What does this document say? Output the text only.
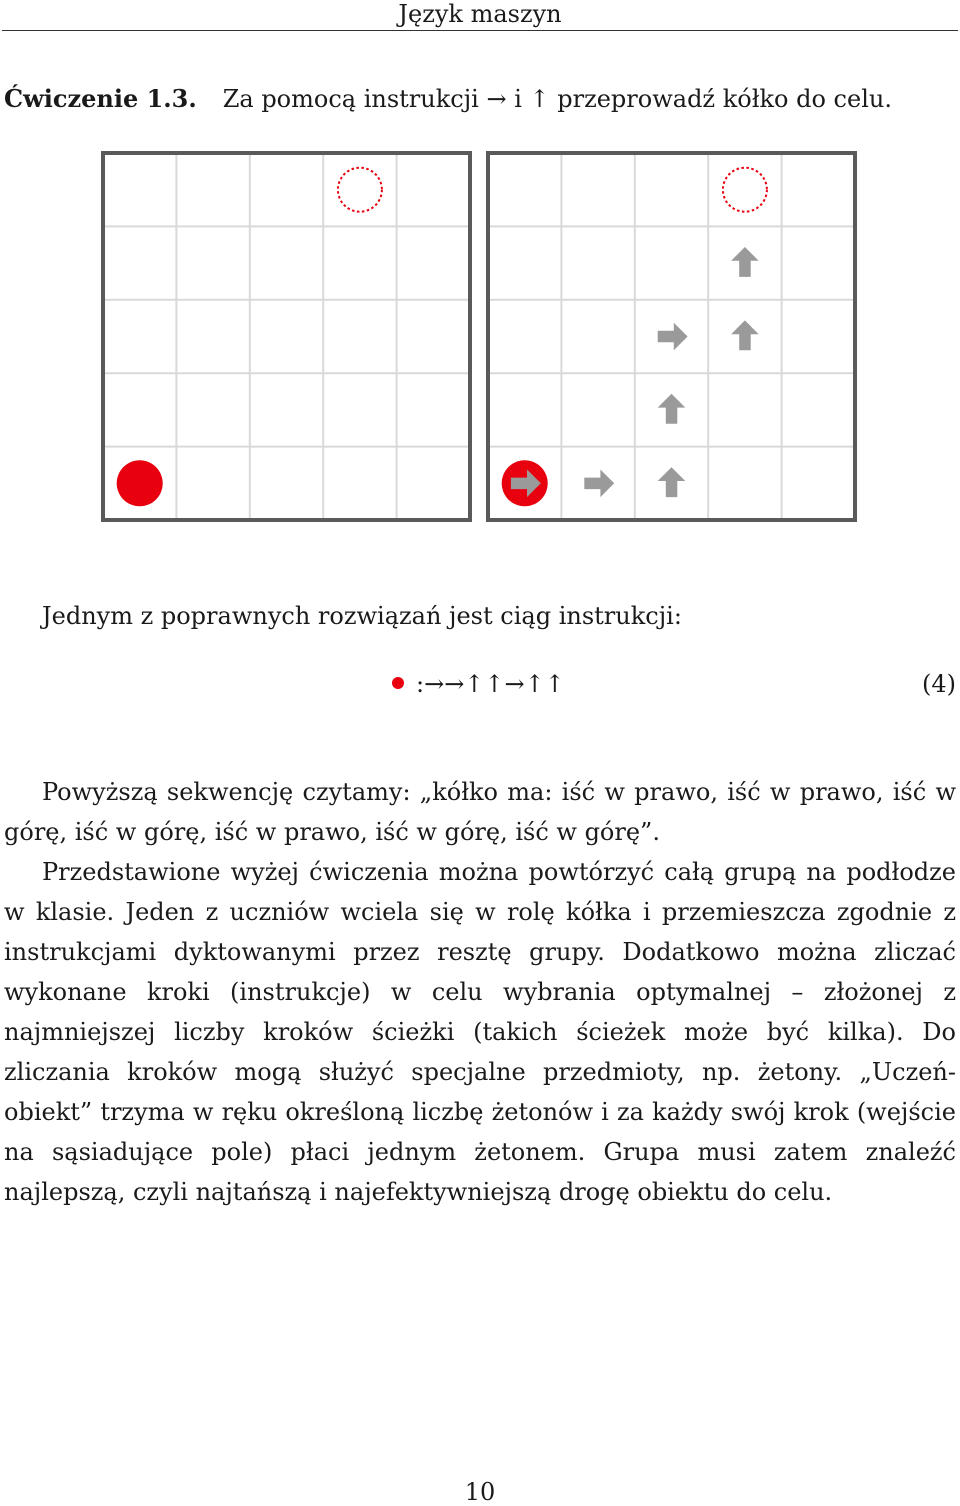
Język maszyn
Ćwiczenie 1.3. Za pomocą instrukcji → i ↑ przeprowadź kółko do celu.
Jednym z poprawnych rozwiązań jest ciąg instrukcji:
:→→↑↑→↑↑	(4)

Powyższą sekwencję czytamy: „kółko ma: iść w prawo, iść w prawo, iść w górę, iść w górę, iść w prawo, iść w górę, iść w górę”.

Przedstawione wyżej ćwiczenia można powtórzyć całą grupą na podłodze w klasie. Jeden z uczniów wciela się w rolę kółka i przemieszcza zgodnie z instrukcjami dyktowanymi przez resztę grupy. Dodatkowo można zliczać wykonane kroki (instrukcje) w celu wybrania optymalnej – złożonej z najmniejszej liczby kroków ścieżki (takich ścieżek może być kilka). Do zliczania kroków mogą służyć specjalne przedmioty, np. żetony. „Uczeń-obiekt” trzyma w ręku określoną liczbę żetonów i za każdy swój krok (wejście na sąsiadujące pole) płaci jednym żetonem. Grupa musi zatem znaleźć najlepszą, czyli najtańszą i najefektywniejszą drogę obiektu do celu.

10
